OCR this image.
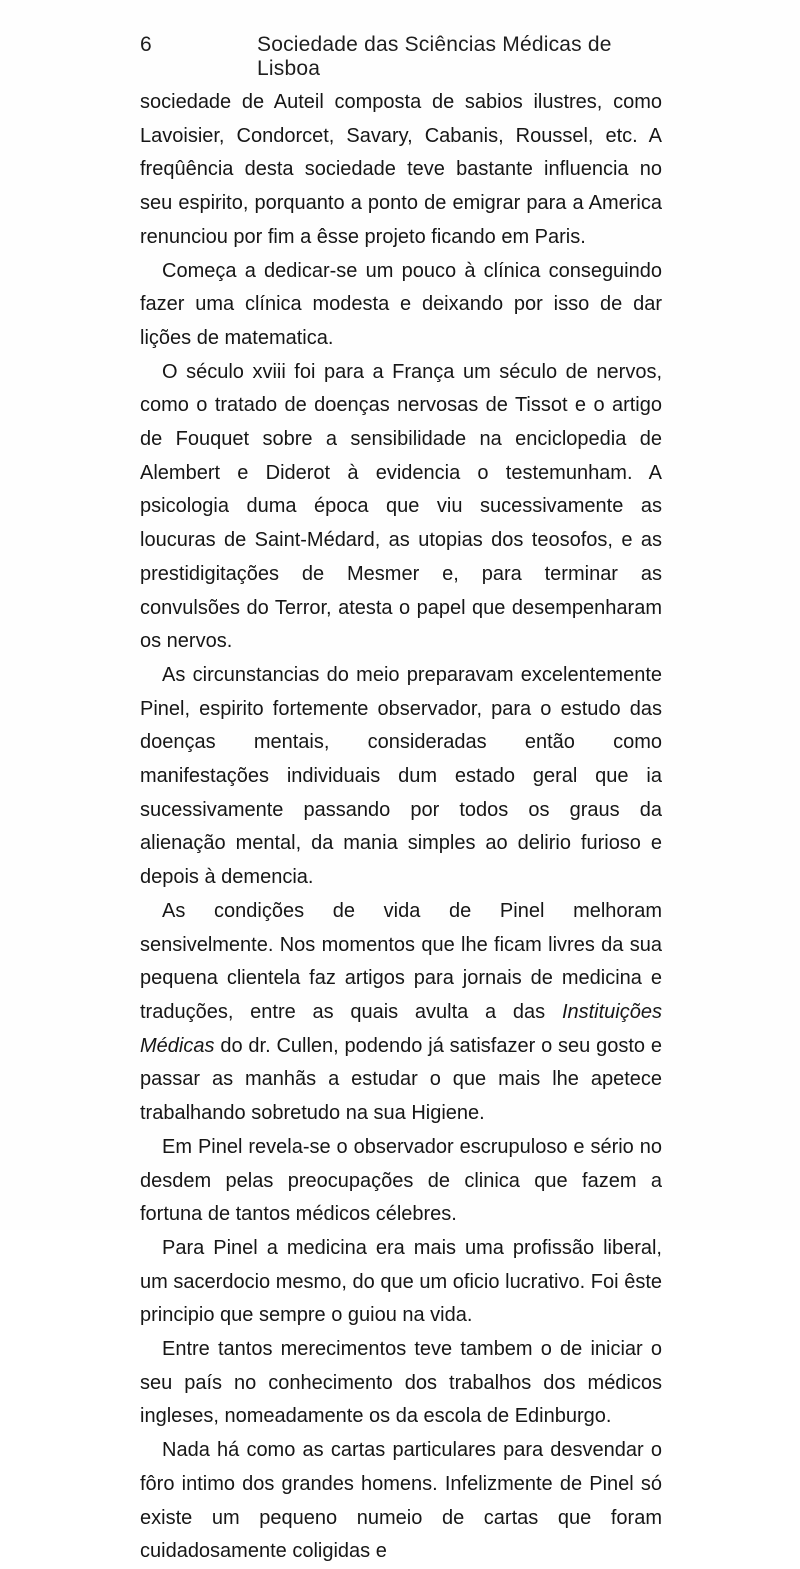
6	Sociedade das Sciências Médicas de Lisboa

sociedade de Auteil composta de sabios ilustres, como Lavoisier, Condorcet, Savary, Cabanis, Roussel, etc. A freqûência desta sociedade teve bastante influencia no seu espirito, porquanto a ponto de emigrar para a America renunciou por fim a êsse projeto ficando em Paris.

Começa a dedicar-se um pouco à clínica conseguindo fazer uma clínica modesta e deixando por isso de dar lições de matematica.

O século xviii foi para a França um século de nervos, como o tratado de doenças nervosas de Tissot e o artigo de Fouquet sobre a sensibilidade na enciclopedia de Alembert e Diderot à evidencia o testemunham. A psicologia duma época que viu sucessivamente as loucuras de Saint-Médard, as utopias dos teosofos, e as prestidigitações de Mesmer e, para terminar as convulsões do Terror, atesta o papel que desempenharam os nervos.

As circunstancias do meio preparavam excelentemente Pinel, espirito fortemente observador, para o estudo das doenças mentais, consideradas então como manifestações individuais dum estado geral que ia sucessivamente passando por todos os graus da alienação mental, da mania simples ao delirio furioso e depois à demencia.

As condições de vida de Pinel melhoram sensivelmente. Nos momentos que lhe ficam livres da sua pequena clientela faz artigos para jornais de medicina e traduções, entre as quais avulta a das Instituições Médicas do dr. Cullen, podendo já satisfazer o seu gosto e passar as manhãs a estudar o que mais lhe apetece trabalhando sobretudo na sua Higiene.

Em Pinel revela-se o observador escrupuloso e sério no desdem pelas preocupações de clinica que fazem a fortuna de tantos médicos célebres.

Para Pinel a medicina era mais uma profissão liberal, um sacerdocio mesmo, do que um oficio lucrativo. Foi êste principio que sempre o guiou na vida.

Entre tantos merecimentos teve tambem o de iniciar o seu país no conhecimento dos trabalhos dos médicos ingleses, nomeadamente os da escola de Edinburgo.

Nada há como as cartas particulares para desvendar o fôro intimo dos grandes homens. Infelizmente de Pinel só existe um pequeno numeio de cartas que foram cuidadosamente coligidas e
